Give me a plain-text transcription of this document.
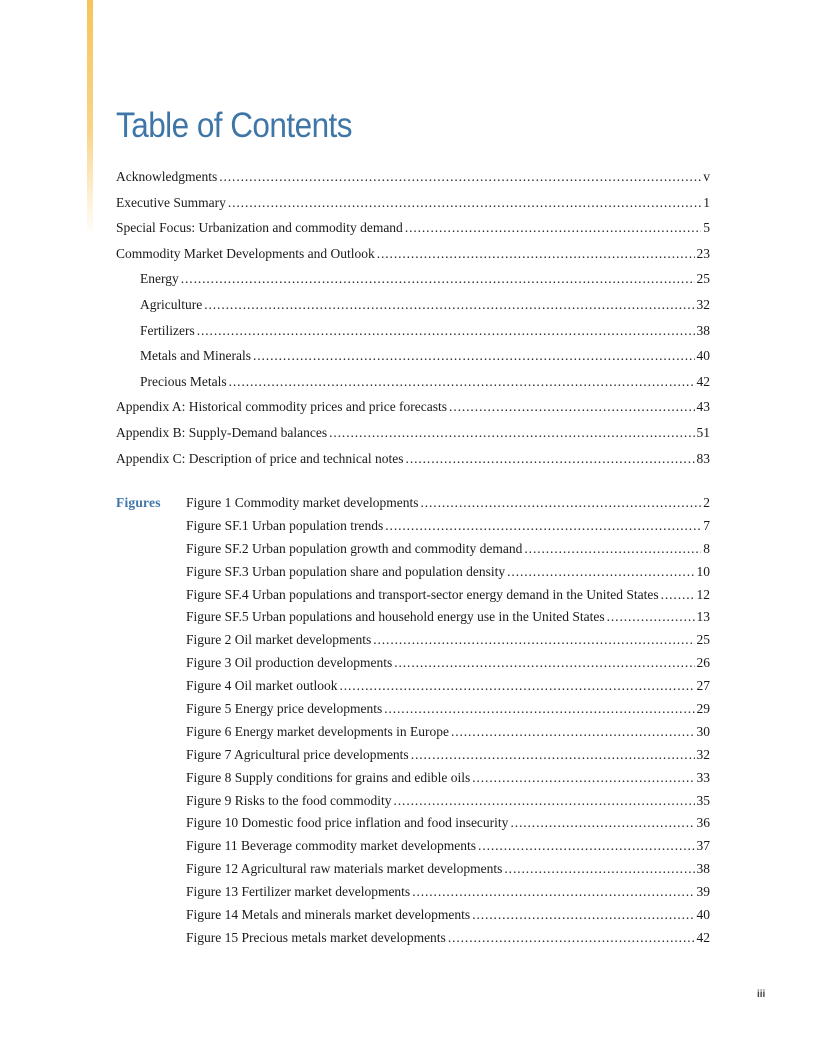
Table of Contents
Acknowledgments .....	v
Executive Summary .....	1
Special Focus: Urbanization and commodity demand .....	5
Commodity Market Developments and Outlook .....	23
Energy .....	25
Agriculture .....	32
Fertilizers .....	38
Metals and Minerals .....	40
Precious Metals .....	42
Appendix A: Historical commodity prices and price forecasts .....	43
Appendix B: Supply-Demand balances .....	51
Appendix C: Description of price and technical notes .....	83
Figures Figure 1 Commodity market developments .....	2
Figure SF.1 Urban population trends .....	7
Figure SF.2 Urban population growth and commodity demand .....	8
Figure SF.3 Urban population share and population density .....	10
Figure SF.4 Urban populations and transport-sector energy demand in the United States .....	12
Figure SF.5 Urban populations and household energy use in the United States .....	13
Figure 2 Oil market developments .....	25
Figure 3 Oil production developments .....	26
Figure 4 Oil market outlook .....	27
Figure 5 Energy price developments .....	29
Figure 6 Energy market developments in Europe .....	30
Figure 7 Agricultural price developments .....	32
Figure 8 Supply conditions for grains and edible oils .....	33
Figure 9 Risks to the food commodity .....	35
Figure 10 Domestic food price inflation and food insecurity .....	36
Figure 11 Beverage commodity market developments .....	37
Figure 12 Agricultural raw materials market developments .....	38
Figure 13 Fertilizer market developments .....	39
Figure 14 Metals and minerals market developments .....	40
Figure 15 Precious metals market developments .....	42
iii
